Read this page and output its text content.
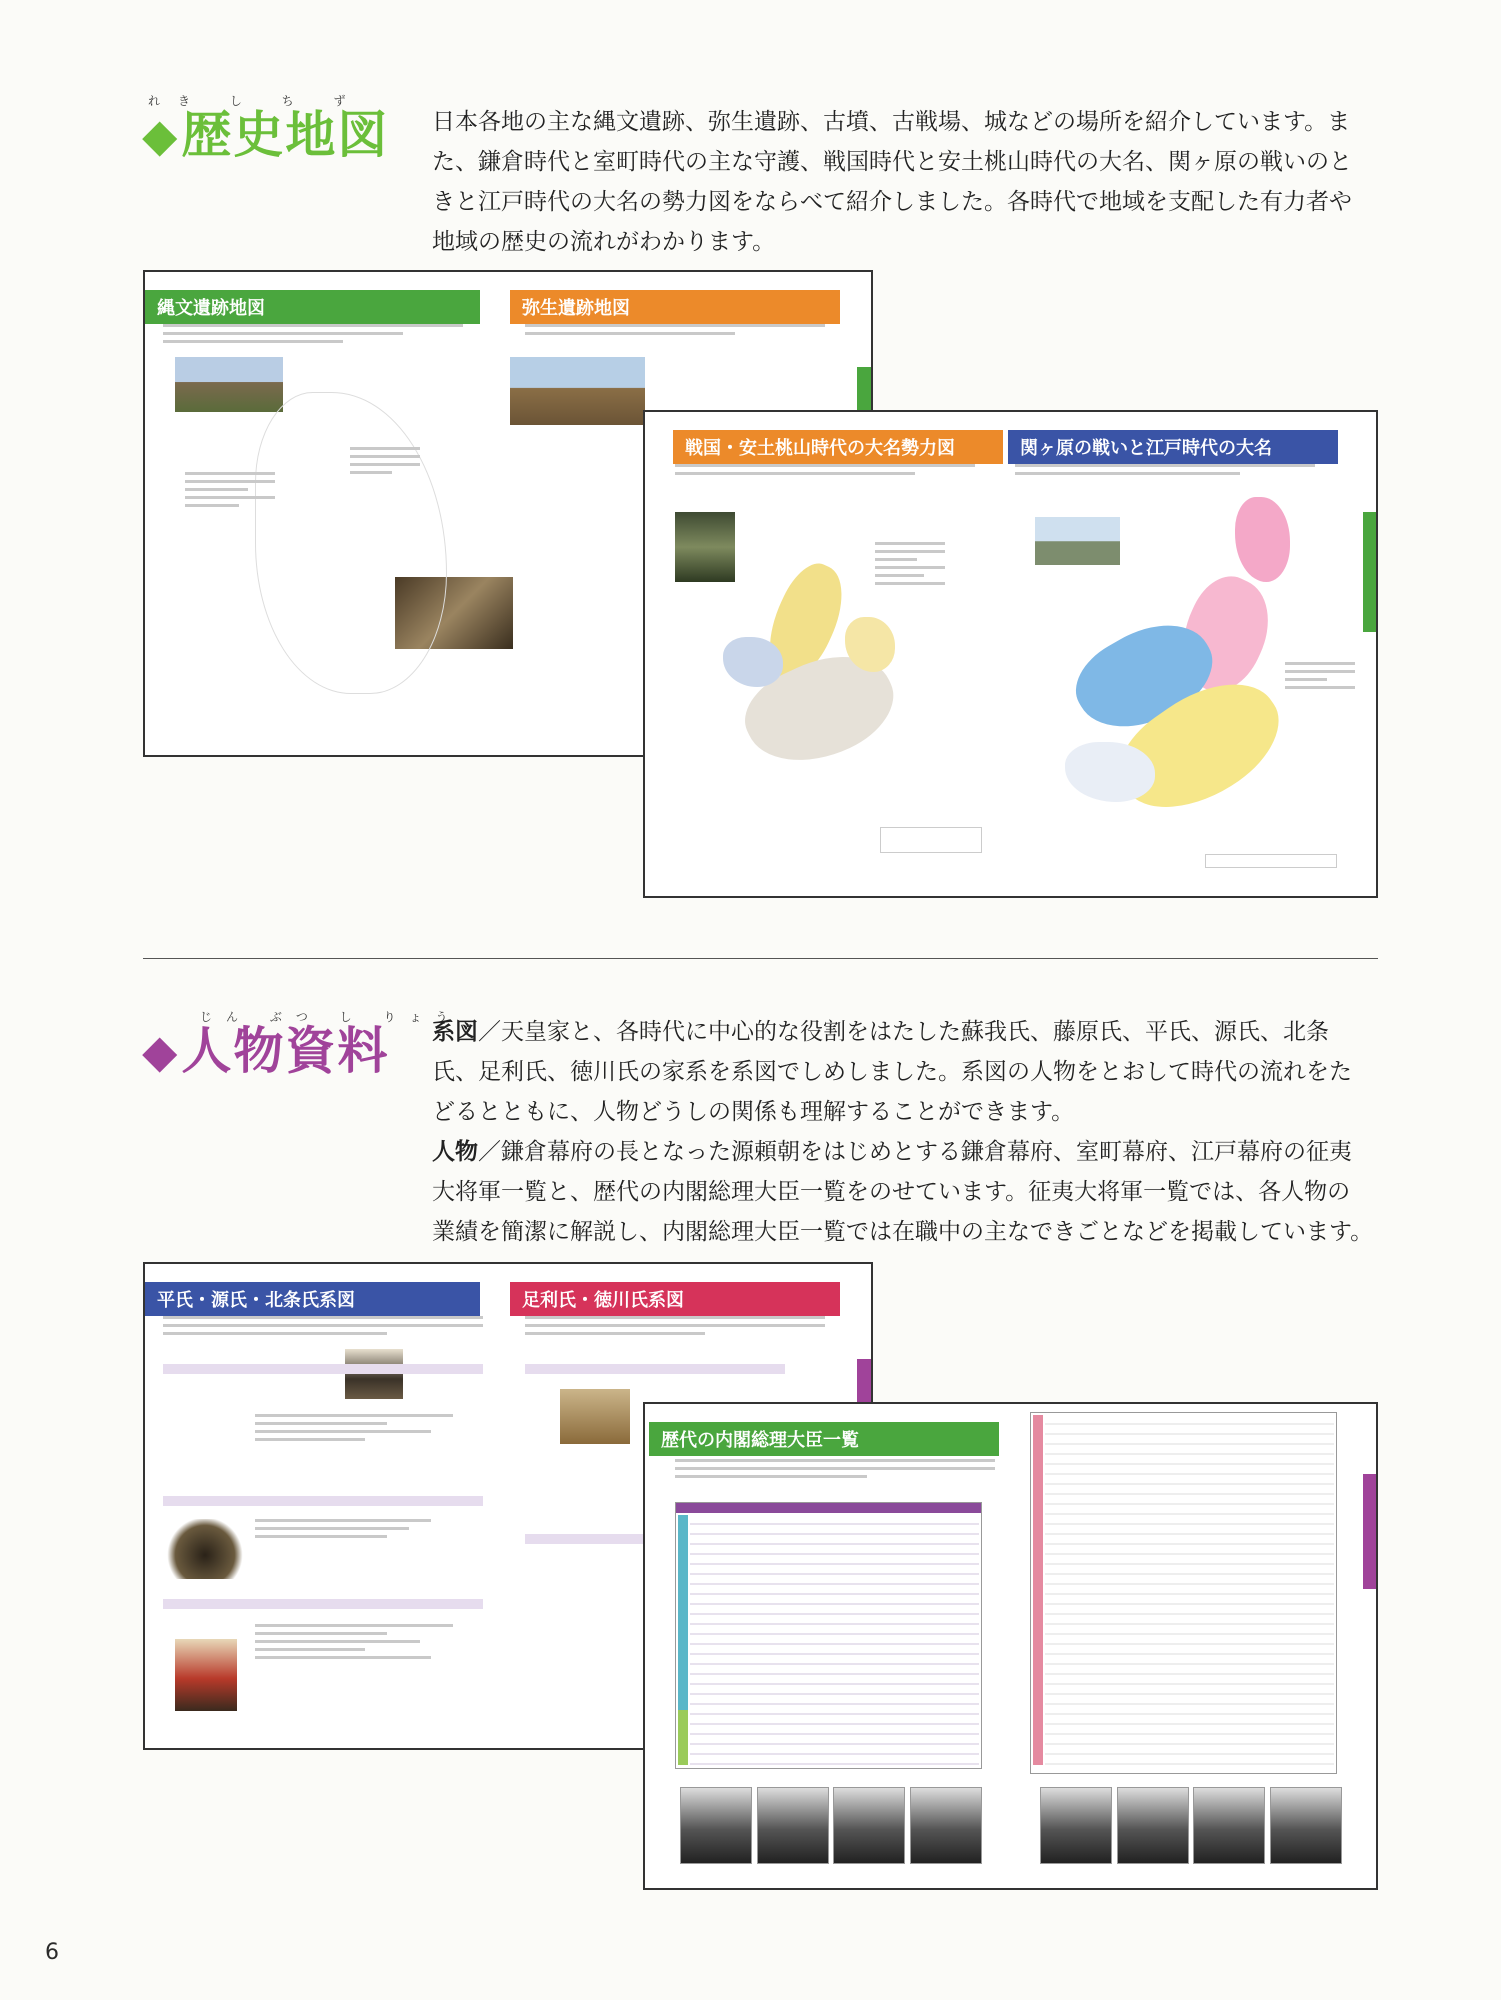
れき し ち ず
◆ 歴史地図 日本各地の主な縄文遺跡、弥生遺跡、古墳、古戦場、城などの場所を紹介しています。ま

た、鎌倉時代と室町時代の主な守護、戦国時代と安土桃山時代の大名、関ヶ原の戦いのと

きと江戸時代の大名の勢力図をならべて紹介しました。各時代で地域を支配した有力者や

地域の歴史の流れがわかります。

縄文遺跡地図	弥生遺跡地図
戦国・安土桃山時代の大名勢力図	関ヶ原の戦いと江戸時代の大名
じん ぶつ し りょう
◆ 人物資料 系図／天皇家と、各時代に中心的な役割をはたした蘇我氏、藤原氏、平氏、源氏、北条

氏、足利氏、徳川氏の家系を系図でしめしました。系図の人物をとおして時代の流れをた

どるとともに、人物どうしの関係も理解することができます。

人物／鎌倉幕府の長となった源頼朝をはじめとする鎌倉幕府、室町幕府、江戸幕府の征夷

大将軍一覧と、歴代の内閣総理大臣一覧をのせています。征夷大将軍一覧では、各人物の

業績を簡潔に解説し、内閣総理大臣一覧では在職中の主なできごとなどを掲載しています。

平氏・源氏・北条氏系図	足利氏・徳川氏系図
歴代の内閣総理大臣一覧
6
